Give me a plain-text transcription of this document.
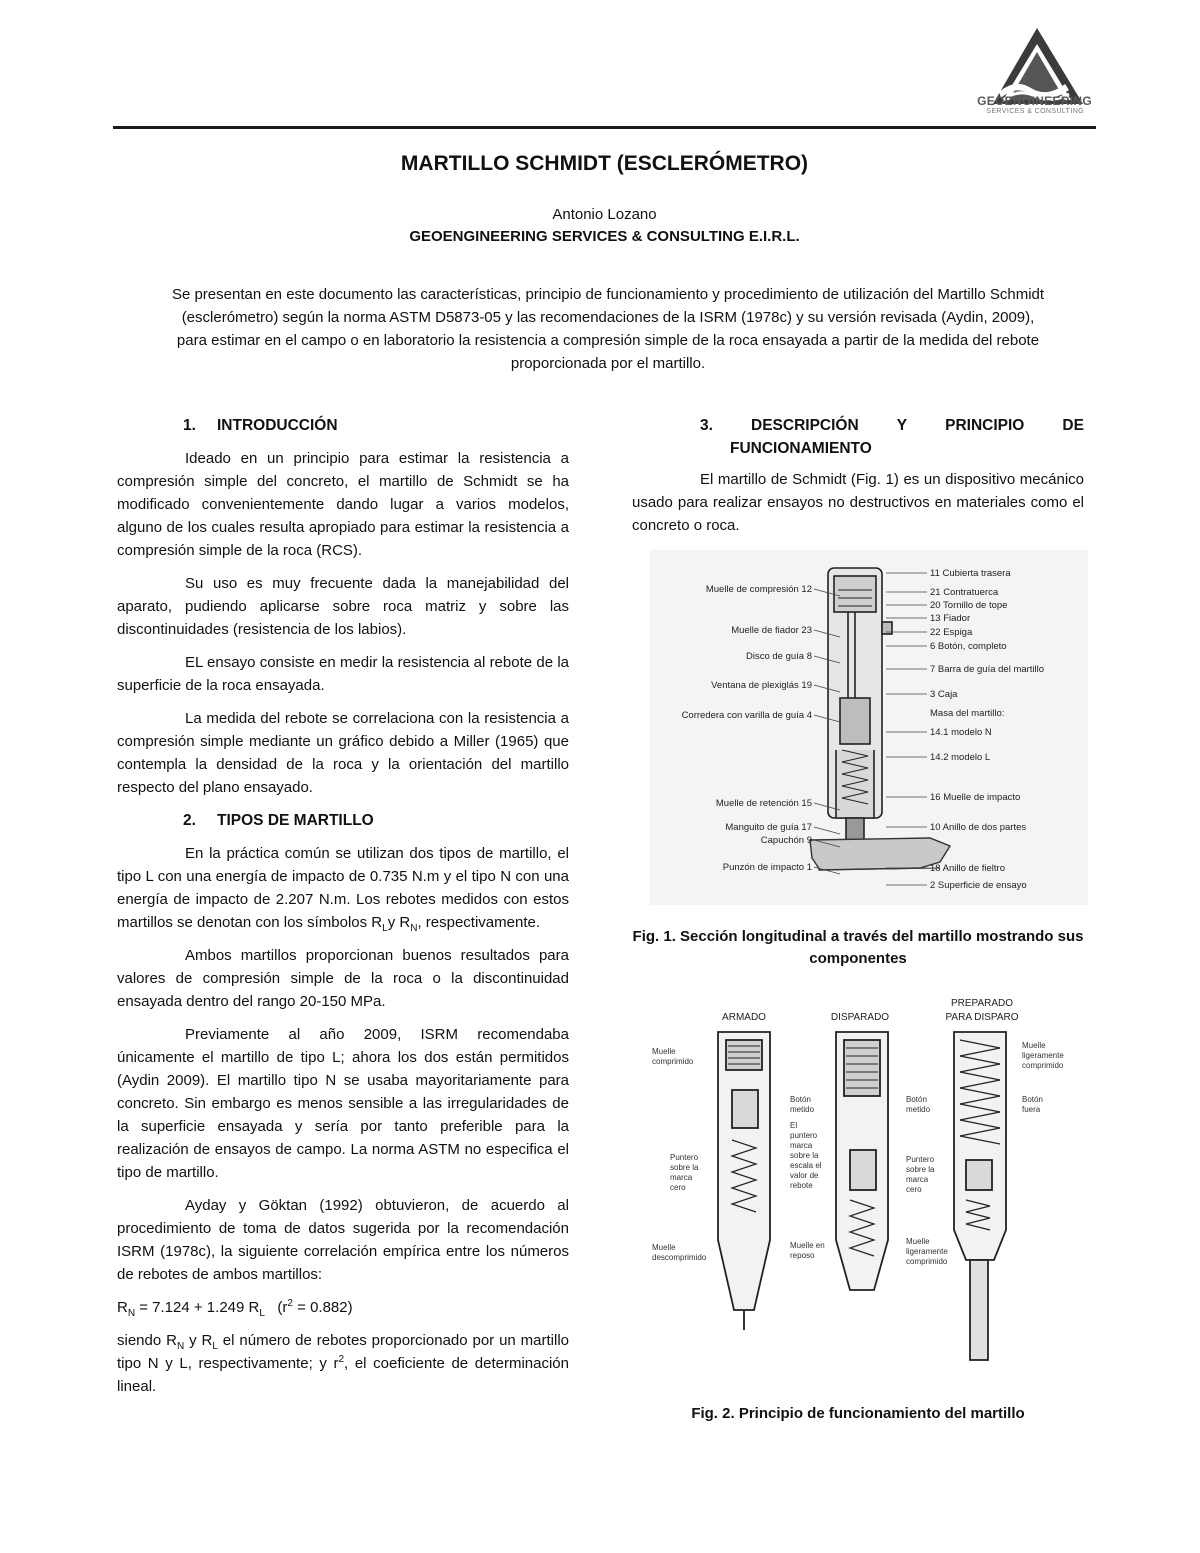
GEOENGINEERING
SERVICES & CONSULTING
MARTILLO SCHMIDT (ESCLERÓMETRO)
Antonio Lozano
GEOENGINEERING SERVICES & CONSULTING E.I.R.L.
Se presentan en este documento las características, principio de funcionamiento y procedimiento de utilización del Martillo Schmidt (esclerómetro) según la norma ASTM D5873-05 y las recomendaciones de la ISRM (1978c) y su versión revisada (Aydin, 2009), para estimar en el campo o en laboratorio la resistencia a compresión simple de la roca ensayada a partir de la medida del rebote proporcionada por el martillo.
1. INTRODUCCIÓN

Ideado en un principio para estimar la resistencia a compresión simple del concreto, el martillo de Schmidt se ha modificado convenientemente dando lugar a varios modelos, alguno de los cuales resulta apropiado para estimar la resistencia a compresión simple de la roca (RCS).

Su uso es muy frecuente dada la manejabilidad del aparato, pudiendo aplicarse sobre roca matriz y sobre las discontinuidades (resistencia de los labios).

EL ensayo consiste en medir la resistencia al rebote de la superficie de la roca ensayada.

La medida del rebote se correlaciona con la resistencia a compresión simple mediante un gráfico debido a Miller (1965) que contempla la densidad de la roca y la orientación del martillo respecto del plano ensayado.

2. TIPOS DE MARTILLO

En la práctica común se utilizan dos tipos de martillo, el tipo L con una energía de impacto de 0.735 N.m y el tipo N con una energía de impacto de 2.207 N.m. Los rebotes medidos con estos martillos se denotan con los símbolos $R_Ly$ $R_N$, respectivamente.

Ambos martillos proporcionan buenos resultados para valores de compresión simple de la roca o la discontinuidad ensayada dentro del rango 20-150 MPa.

Previamente al año 2009, ISRM recomendaba únicamente el martillo de tipo L; ahora los dos están permitidos (Aydin 2009). El martillo tipo N se usaba mayoritariamente para concreto. Sin embargo es menos sensible a las irregularidades de la superficie ensayada y sería por tanto preferible para la realización de ensayos de campo. La norma ASTM no especifica el tipo de martillo.

Ayday y Göktan (1992) obtuvieron, de acuerdo al procedimiento de toma de datos sugerida por la recomendación ISRM (1978c), la siguiente correlación empírica entre los números de rebotes de ambos martillos:

$R_N = 7.124 + 1.249$ $R_L$ $(r^2 = 0.882)$

siendo $R_N$ y $R_L$ el número de rebotes proporcionado por un martillo tipo N y L, respectivamente; y $r^2$, el coeficiente de determinación lineal.

3. DESCRIPCIÓN Y PRINCIPIO DE
FUNCIONAMIENTO

El martillo de Schmidt (Fig. 1) es un dispositivo mecánico usado para realizar ensayos no destructivos en materiales como el concreto o roca.

Muelle de compresión 12
Muelle de fiador 23
Disco de guía 8
Ventana de plexiglás 19
Corredera con varilla de guía 4
Muelle de retención 15
Manguito de guía 17
Capuchón 9
Punzón de impacto 1
11 Cubierta trasera
21 Contratuerca
20 Tornillo de tope
13 Fiador
22 Espiga
6 Botón, completo
7 Barra de guía del martillo
3 Caja
Masa del martillo:
14.1 modelo N
14.2 modelo L
16 Muelle de impacto
10 Anillo de dos partes
18 Anillo de fieltro
2 Superficie de ensayo
Fig. 1. Sección longitudinal a través del martillo mostrando sus componentes
ARMADO	DISPARADO
PREPARADO
PARA DISPARO
Muelle
comprimido
Puntero
sobre la
marca
cero
Muelle
descomprimido
Botón
metido
El
puntero
marca
sobre la
escala el
valor de
rebote
Muelle en
reposo
Botón
metido
Puntero
sobre la
marca
cero
Muelle
ligeramente
comprimido
Muelle
ligeramente
comprimido
Botón
fuera
Fig. 2. Principio de funcionamiento del martillo
